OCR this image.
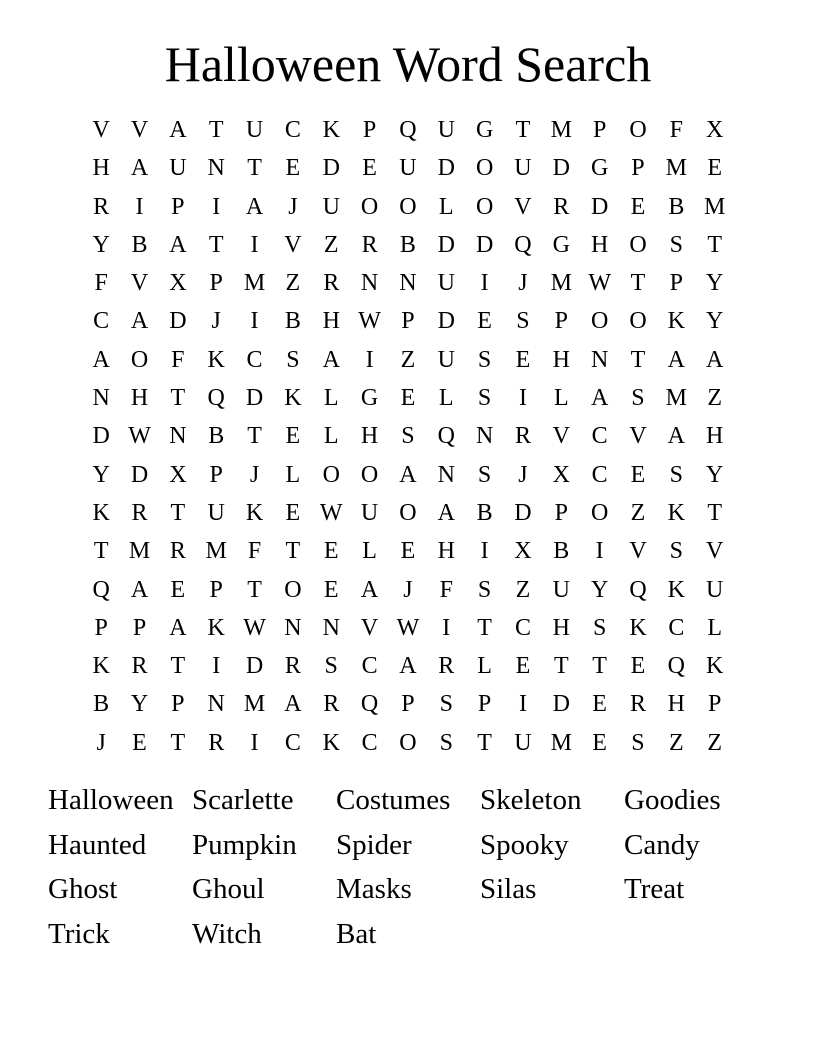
Halloween Word Search
V V A T U C K P Q U G T M P O F X
H A U N T E D E U D O U D G P M E
R	I	P	I	A	J	U O O L O V R D E B M
Y B A T	I	V Z R B D D Q G H O S	T
F V X P M Z R N N U	I	J M W T	P Y
C A D	J	I	B H W P D E	S	P O O K Y
A O F K C S A	I	Z U S	E H N T A A
N H T Q D K L G E L	S	I	L A S M Z
D W N B T E L H S Q N R V C V A H
Y D X P	J	L O O A N S	J	X C E	S Y
K R T U K E W U O A B D P O Z K T
T M R M F	T E L E H	I	X B	I	V S V
Q A E	P	T O E A	J	F	S	Z U Y Q K U
P	P A K W N N V W I	T C H S K C L
K R T	I	D R S C A R L E T T E Q K
B Y P N M A R Q P	S	P	I	D E R H P
J	E T R	I	C K C O S	T U M E	S	Z Z
Halloween Scarlette	Costumes	Skeleton	Goodies
Haunted	Pumpkin	Spider	Spooky	Candy
Ghost	Ghoul	Masks	Silas	Treat
Trick	Witch	Bat
